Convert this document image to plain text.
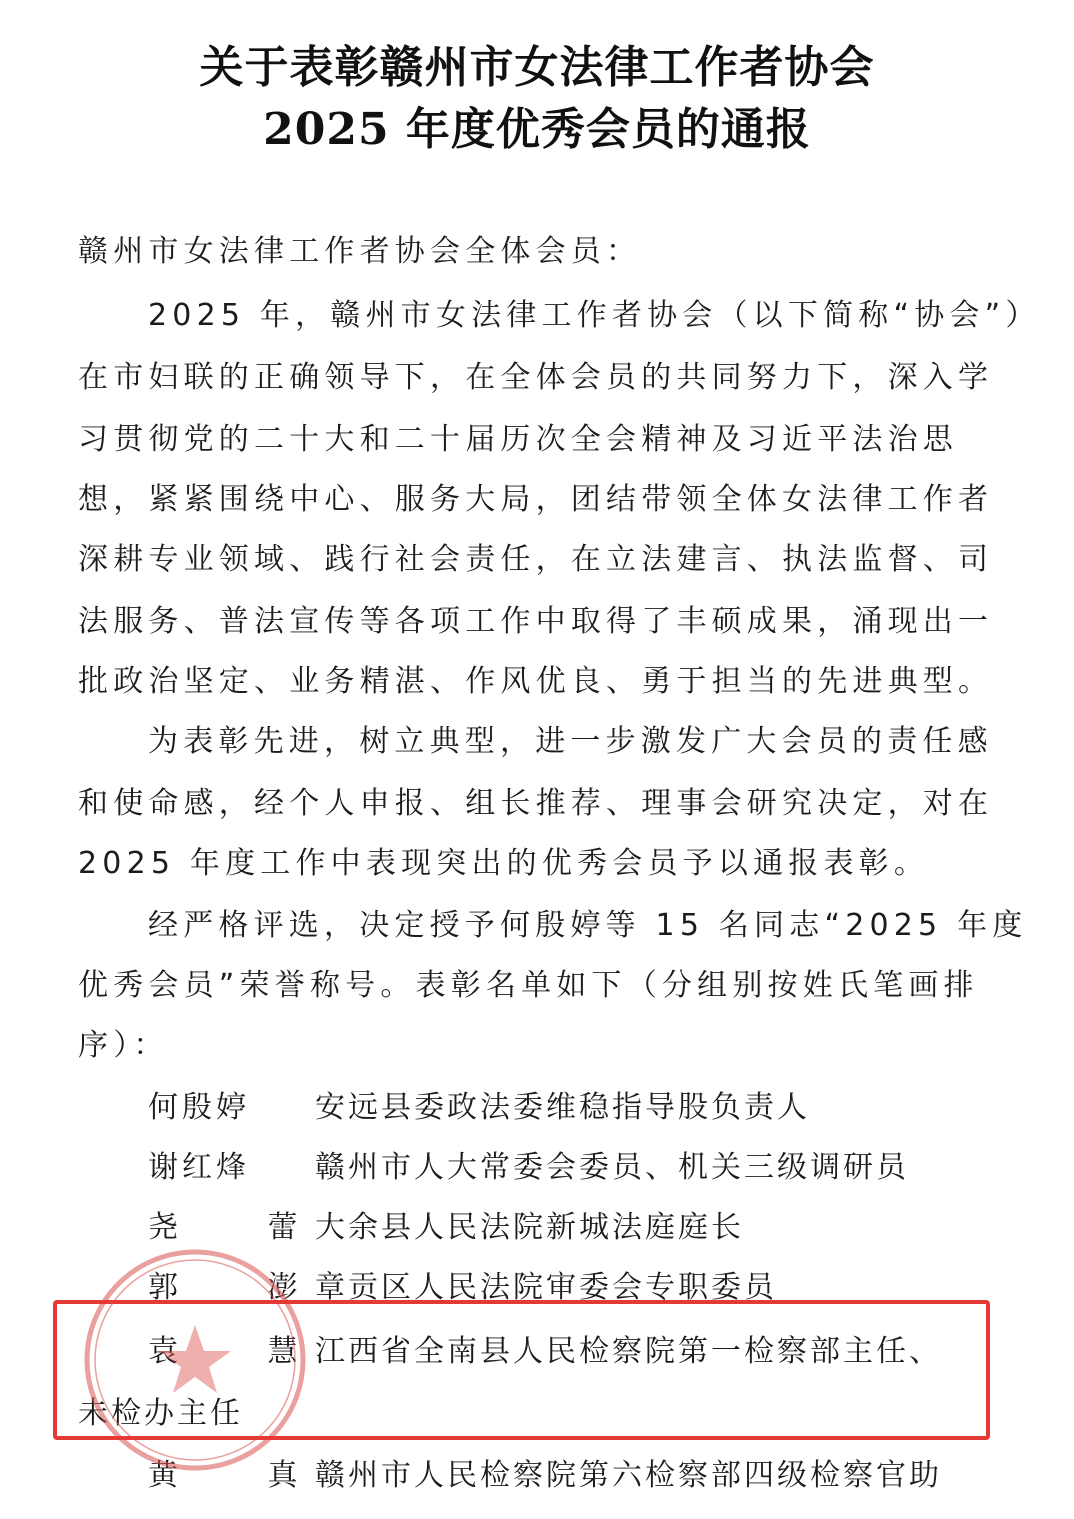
关于表彰赣州市女法律工作者协会
2025 年度优秀会员的通报
赣州市女法律工作者协会全体会员：
2025 年，赣州市女法律工作者协会（以下简称“协会”）
在市妇联的正确领导下，在全体会员的共同努力下，深入学
习贯彻党的二十大和二十届历次全会精神及习近平法治思
想，紧紧围绕中心、服务大局，团结带领全体女法律工作者
深耕专业领域、践行社会责任，在立法建言、执法监督、司
法服务、普法宣传等各项工作中取得了丰硕成果，涌现出一
批政治坚定、业务精湛、作风优良、勇于担当的先进典型。
为表彰先进，树立典型，进一步激发广大会员的责任感
和使命感，经个人申报、组长推荐、理事会研究决定，对在
2025 年度工作中表现突出的优秀会员予以通报表彰。
经严格评选，决定授予何殷婷等 15 名同志“2025 年度
优秀会员”荣誉称号。表彰名单如下（分组别按姓氏笔画排
序）：
何殷婷	安远县委政法委维稳指导股负责人
谢红烽	赣州市人大常委会委员、机关三级调研员
尧 蕾
大余县人民法院新城法庭庭长
郭 澎
章贡区人民法院审委会专职委员
袁 慧
江西省全南县人民检察院第一检察部主任、
未检办主任
黄 真
赣州市人民检察院第六检察部四级检察官助
